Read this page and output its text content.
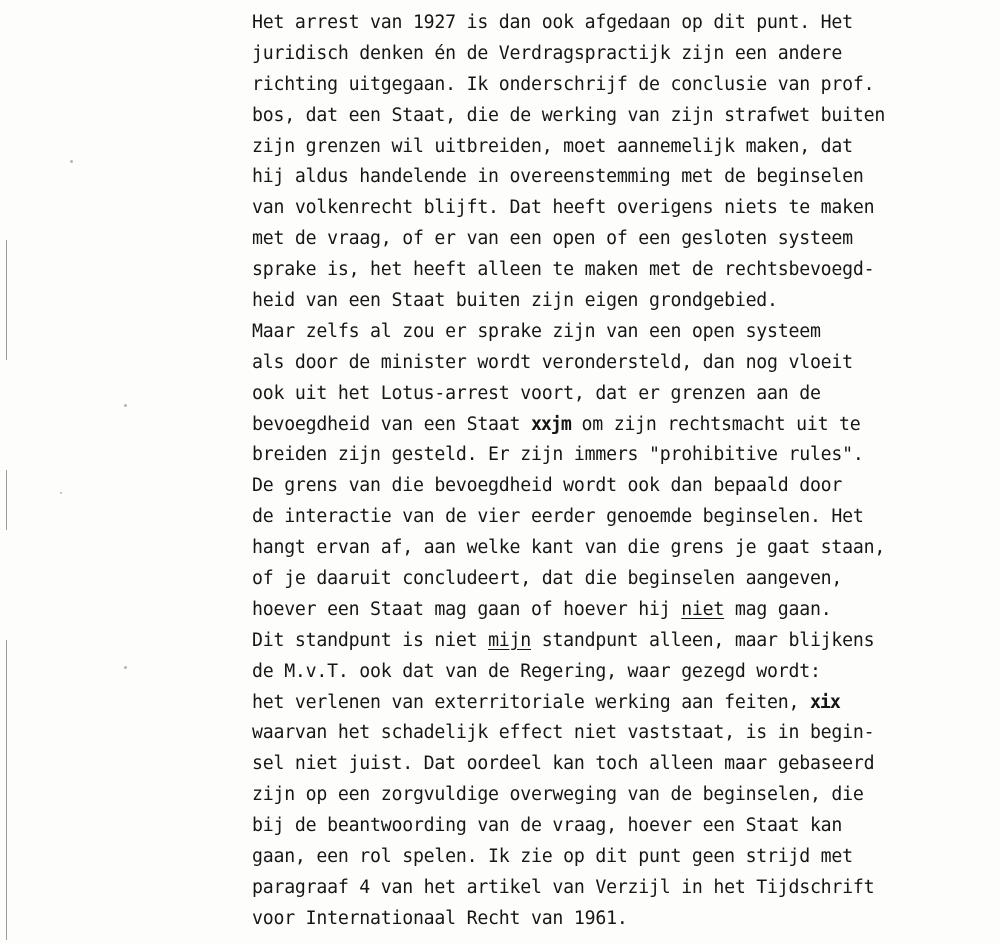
Het arrest van 1927 is dan ook afgedaan op dit punt. Het
juridisch denken én de Verdragspractijk zijn een andere
richting uitgegaan. Ik onderschrijf de conclusie van prof.
bos, dat een Staat, die de werking van zijn strafwet buiten
zijn grenzen wil uitbreiden, moet aannemelijk maken, dat
hij aldus handelende in overeenstemming met de beginselen
van volkenrecht blijft. Dat heeft overigens niets te maken
met de vraag, of er van een open of een gesloten systeem
sprake is, het heeft alleen te maken met de rechtsbevoegd-
heid van een Staat buiten zijn eigen grondgebied.
Maar zelfs al zou er sprake zijn van een open systeem
als door de minister wordt verondersteld, dan nog vloeit
ook uit het Lotus-arrest voort, dat er grenzen aan de
bevoegdheid van een Staat xxjm om zijn rechtsmacht uit te
breiden zijn gesteld. Er zijn immers "prohibitive rules".
De grens van die bevoegdheid wordt ook dan bepaald door
de interactie van de vier eerder genoemde beginselen. Het
hangt ervan af, aan welke kant van die grens je gaat staan,
of je daaruit concludeert, dat die beginselen aangeven,
hoever een Staat mag gaan of hoever hij niet mag gaan.
Dit standpunt is niet mijn standpunt alleen, maar blijkens
de M.v.T. ook dat van de Regering, waar gezegd wordt:
het verlenen van exterritoriale werking aan feiten, xix
waarvan het schadelijk effect niet vaststaat, is in begin-
sel niet juist. Dat oordeel kan toch alleen maar gebaseerd
zijn op een zorgvuldige overweging van de beginselen, die
bij de beantwoording van de vraag, hoever een Staat kan
gaan, een rol spelen. Ik zie op dit punt geen strijd met
paragraaf 4 van het artikel van Verzijl in het Tijdschrift
voor Internationaal Recht van 1961.
